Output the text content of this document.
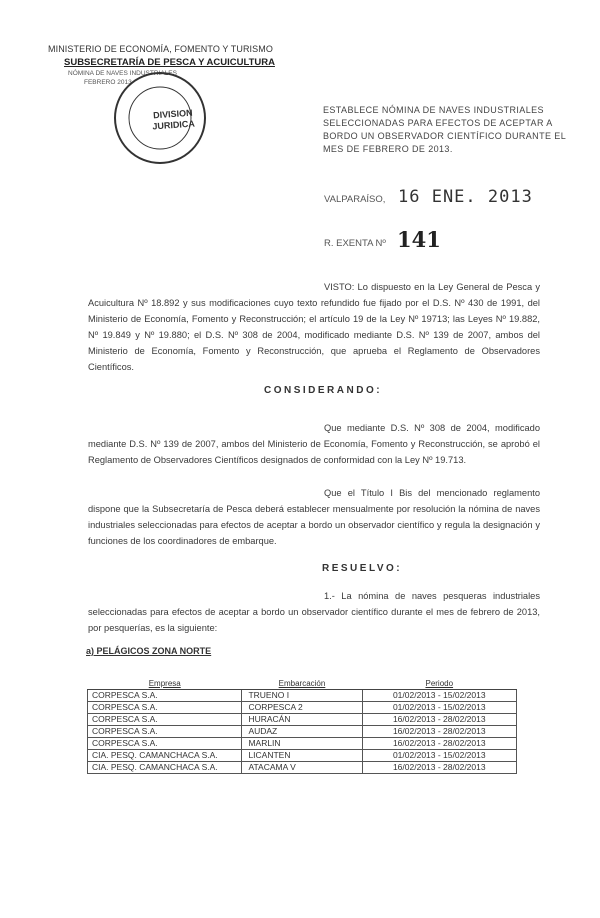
MINISTERIO DE ECONOMÍA, FOMENTO Y TURISMO
SUBSECRETARÍA DE PESCA Y ACUICULTURA
NÓMINA DE NAVES INDUSTRIALES
FEBRERO 2013
DIVISION
JURIDICA
ESTABLECE NÓMINA DE NAVES INDUSTRIALES SELECCIONADAS PARA EFECTOS DE ACEPTAR A BORDO UN OBSERVADOR CIENTÍFICO DURANTE EL MES DE FEBRERO DE 2013.
VALPARAÍSO, 16 ENE. 2013
R. EXENTA Nº 141
VISTO: Lo dispuesto en la Ley General de Pesca y Acuicultura Nº 18.892 y sus modificaciones cuyo texto refundido fue fijado por el D.S. Nº 430 de 1991, del Ministerio de Economía, Fomento y Reconstrucción; el artículo 19 de la Ley Nº 19713; las Leyes Nº 19.882, Nº 19.849 y Nº 19.880; el D.S. Nº 308 de 2004, modificado mediante D.S. Nº 139 de 2007, ambos del Ministerio de Economía, Fomento y Reconstrucción, que aprueba el Reglamento de Observadores Científicos.
CONSIDERANDO:
Que mediante D.S. Nº 308 de 2004, modificado mediante D.S. Nº 139 de 2007, ambos del Ministerio de Economía, Fomento y Reconstrucción, se aprobó el Reglamento de Observadores Científicos designados de conformidad con la Ley Nº 19.713.
Que el Título I Bis del mencionado reglamento dispone que la Subsecretaría de Pesca deberá establecer mensualmente por resolución la nómina de naves industriales seleccionadas para efectos de aceptar a bordo un observador científico y regula la designación y funciones de los coordinadores de embarque.
RESUELVO:
1.- La nómina de naves pesqueras industriales seleccionadas para efectos de aceptar a bordo un observador científico durante el mes de febrero de 2013, por pesquerías, es la siguiente:
a) PELÁGICOS ZONA NORTE
Empresa	Embarcación	Periodo
CORPESCA S.A.	TRUENO I	01/02/2013 - 15/02/2013
CORPESCA S.A.	CORPESCA 2	01/02/2013 - 15/02/2013
CORPESCA S.A.	HURACÁN	16/02/2013 - 28/02/2013
CORPESCA S.A.	AUDAZ	16/02/2013 - 28/02/2013
CORPESCA S.A.	MARLIN	16/02/2013 - 28/02/2013
CIA. PESQ. CAMANCHACA S.A.	LICANTEN	01/02/2013 - 15/02/2013
CIA. PESQ. CAMANCHACA S.A.	ATACAMA V	16/02/2013 - 28/02/2013
